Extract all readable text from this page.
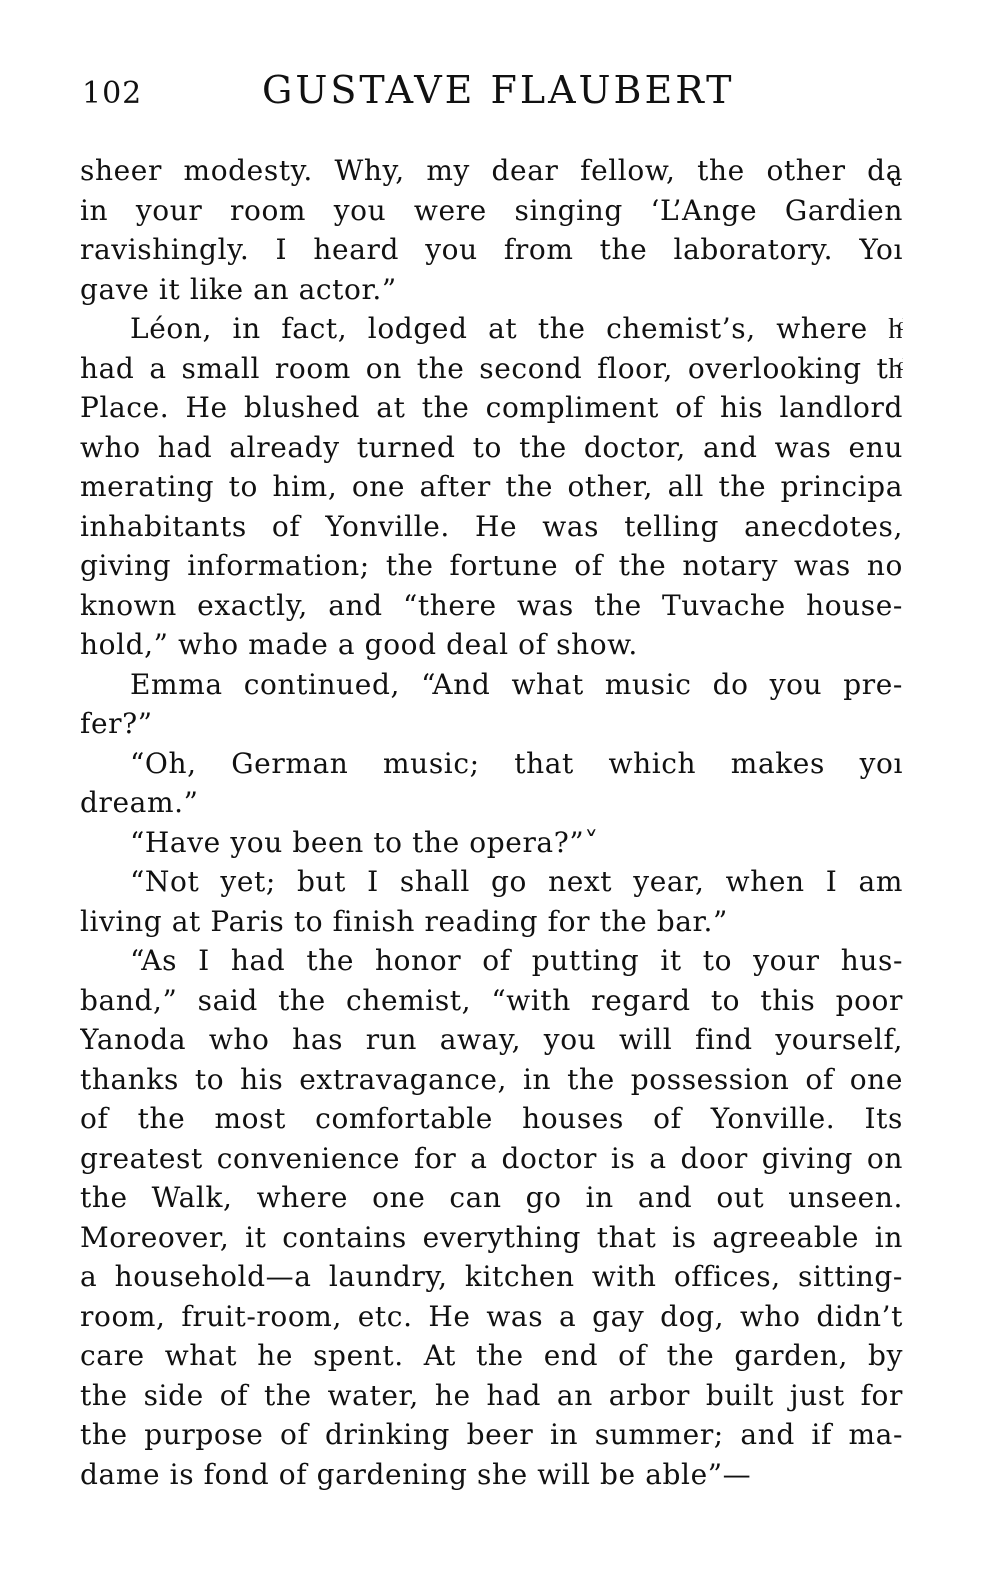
102	GUSTAVE FLAUBERT
sheer modesty. Why, my dear fellow, the other da̢
in your room you were singing ‘L’Ange Gardien
ravishingly. I heard you from the laboratory. Yoı
gave it like an actor.”
Léon, in fact, lodged at the chemist’s, where hͩ
had a small room on the second floor, overlooking thͩ
Place. He blushed at the compliment of his landlord
who had already turned to the doctor, and was enu
merating to him, one after the other, all the principa
inhabitants of Yonville. He was telling anecdotes,
giving information; the fortune of the notary was no
known exactly, and “there was the Tuvache house-
hold,” who made a good deal of show.
Emma continued, “And what music do you pre-
fer?”
“Oh, German music; that which makes yoı
dream.”
“Have you been to the opera?”˅
“Not yet; but I shall go next year, when I am
living at Paris to finish reading for the bar.”
“As I had the honor of putting it to your hus-
band,” said the chemist, “with regard to this poor
Yanoda who has run away, you will find yourself,
thanks to his extravagance, in the possession of one
of the most comfortable houses of Yonville. Its
greatest convenience for a doctor is a door giving on
the Walk, where one can go in and out unseen.
Moreover, it contains everything that is agreeable in
a household—a laundry, kitchen with offices, sitting-
room, fruit-room, etc. He was a gay dog, who didn’t
care what he spent. At the end of the garden, by
the side of the water, he had an arbor built just for
the purpose of drinking beer in summer; and if ma-
dame is fond of gardening she will be able”—
